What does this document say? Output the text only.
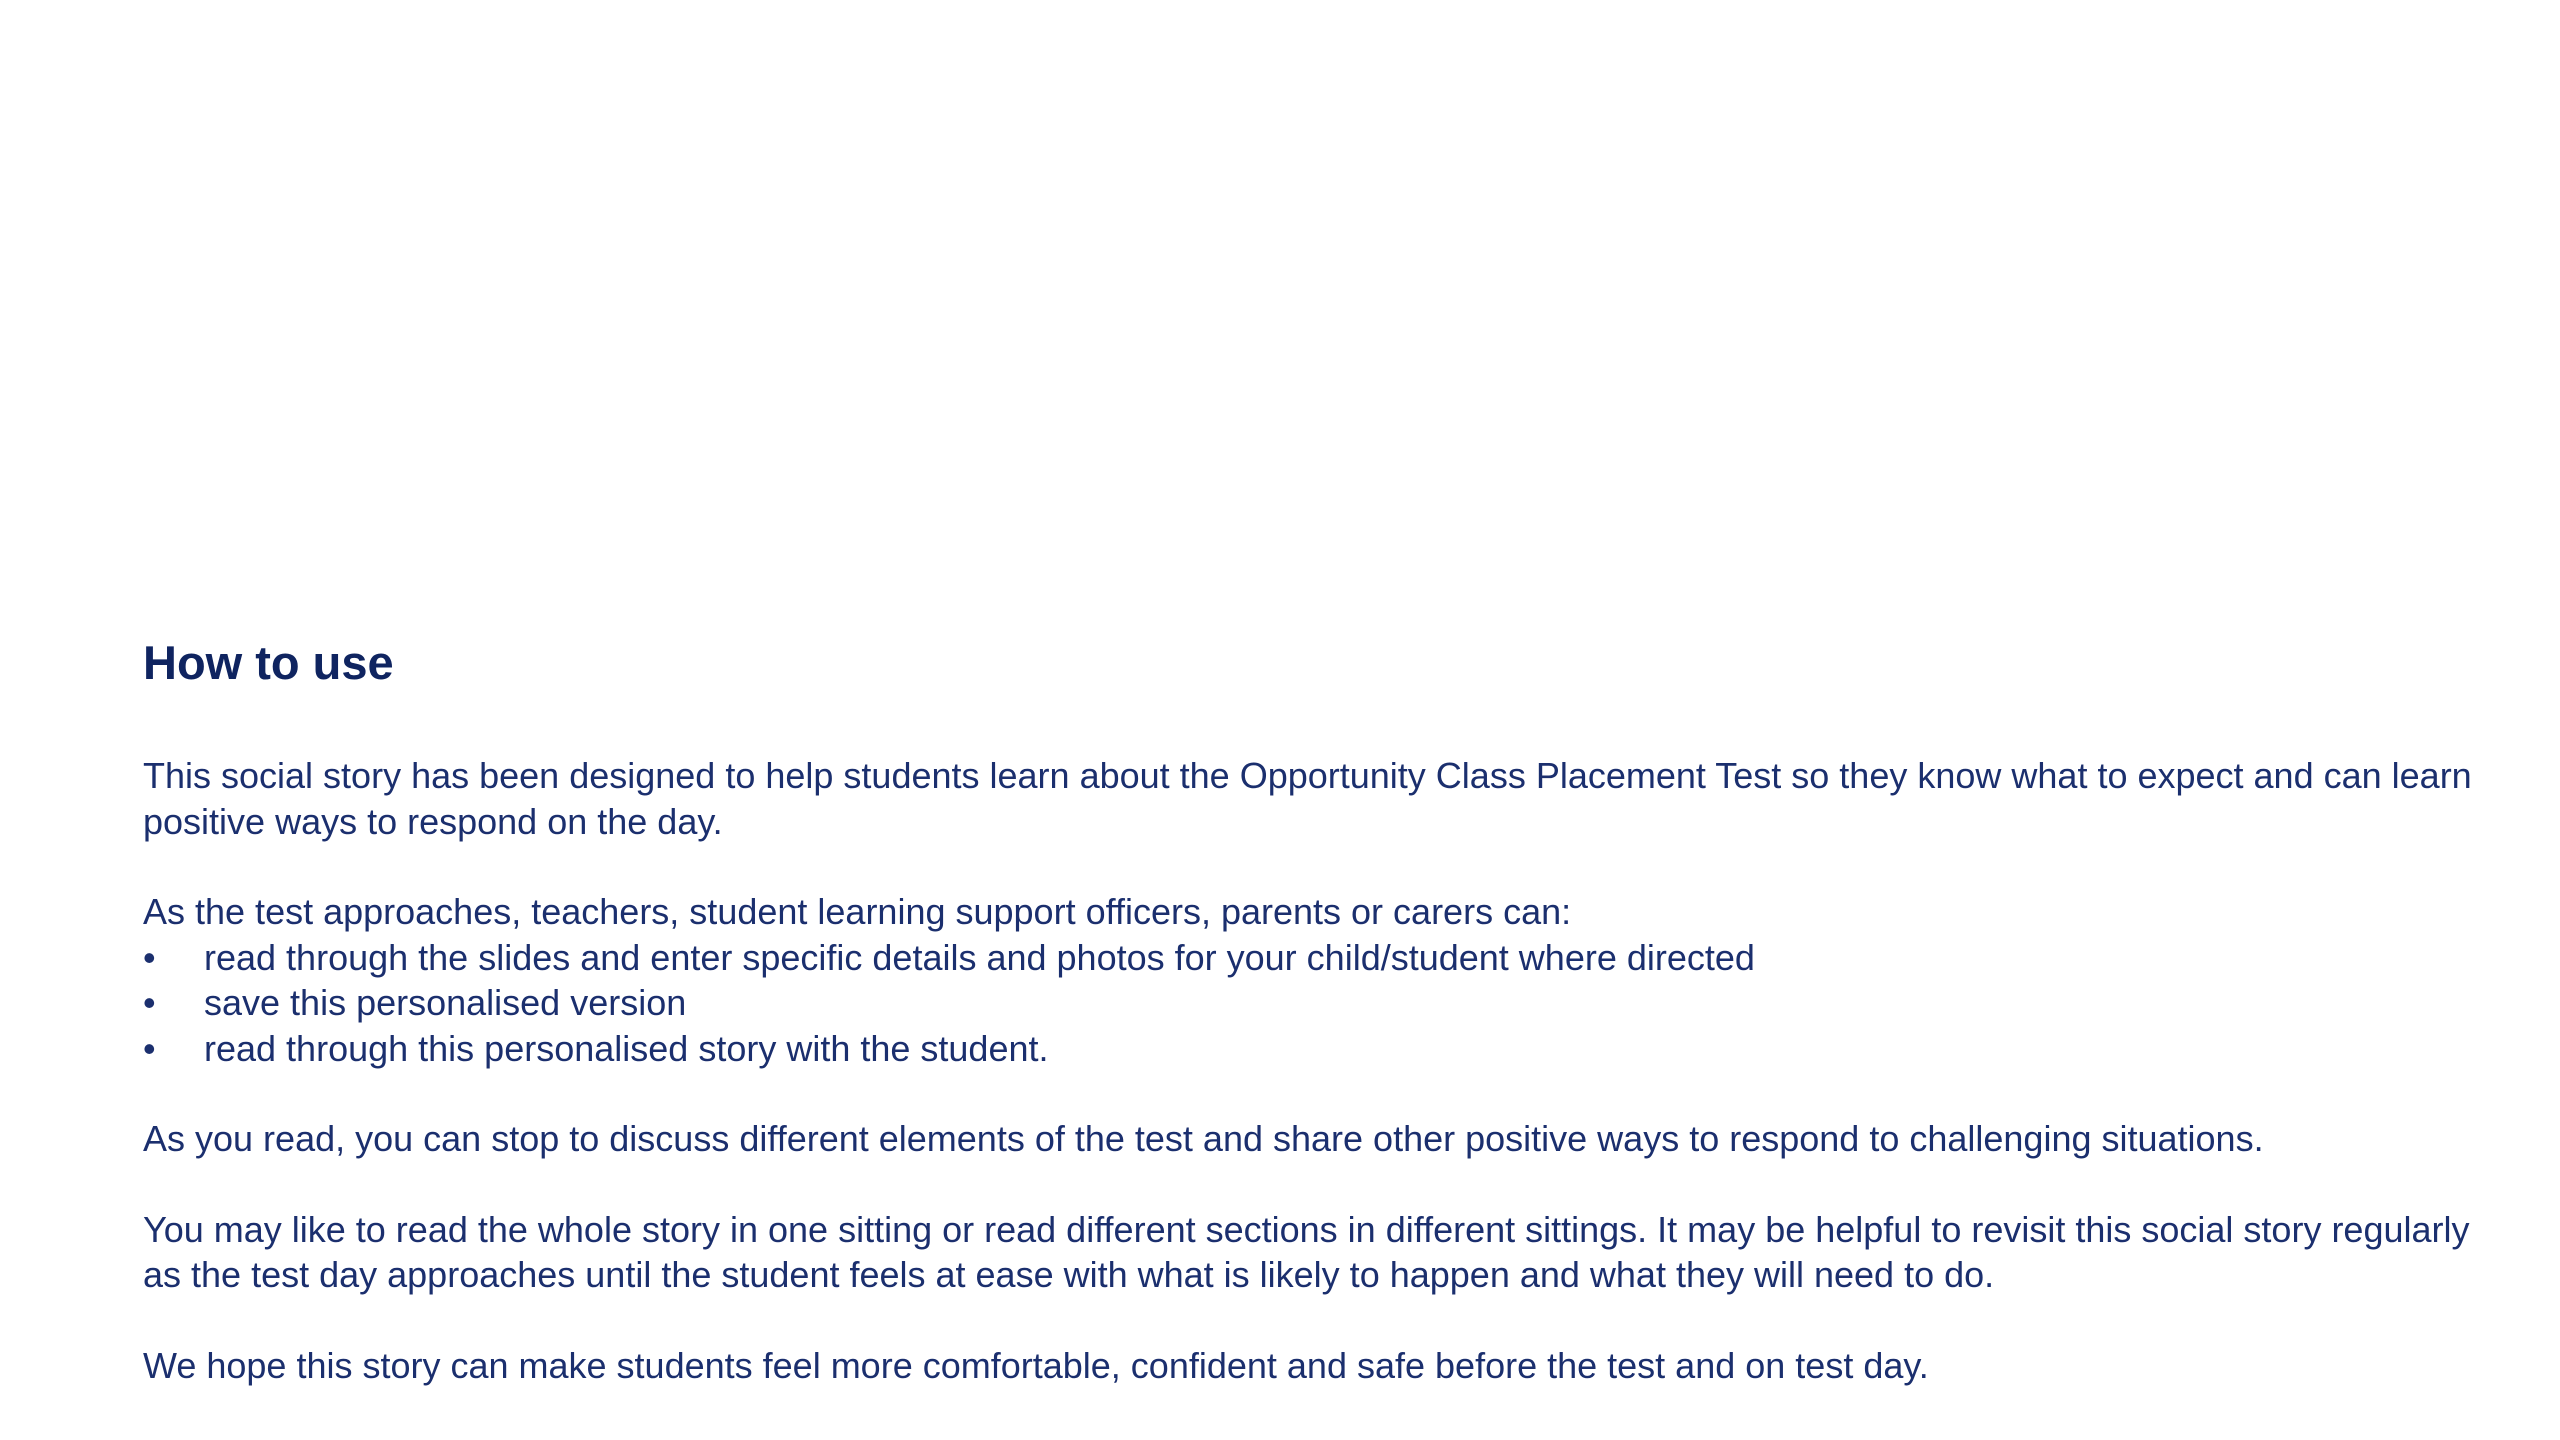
How to use

This social story has been designed to help students learn about the Opportunity Class Placement Test so they know what to expect and can learn positive ways to respond on the day.

As the test approaches, teachers, student learning support officers, parents or carers can:

• read through the slides and enter specific details and photos for your child/student where directed
• save this personalised version
• read through this personalised story with the student.

As you read, you can stop to discuss different elements of the test and share other positive ways to respond to challenging situations.

You may like to read the whole story in one sitting or read different sections in different sittings. It may be helpful to revisit this social story regularly as the test day approaches until the student feels at ease with what is likely to happen and what they will need to do.

We hope this story can make students feel more comfortable, confident and safe before the test and on test day.
